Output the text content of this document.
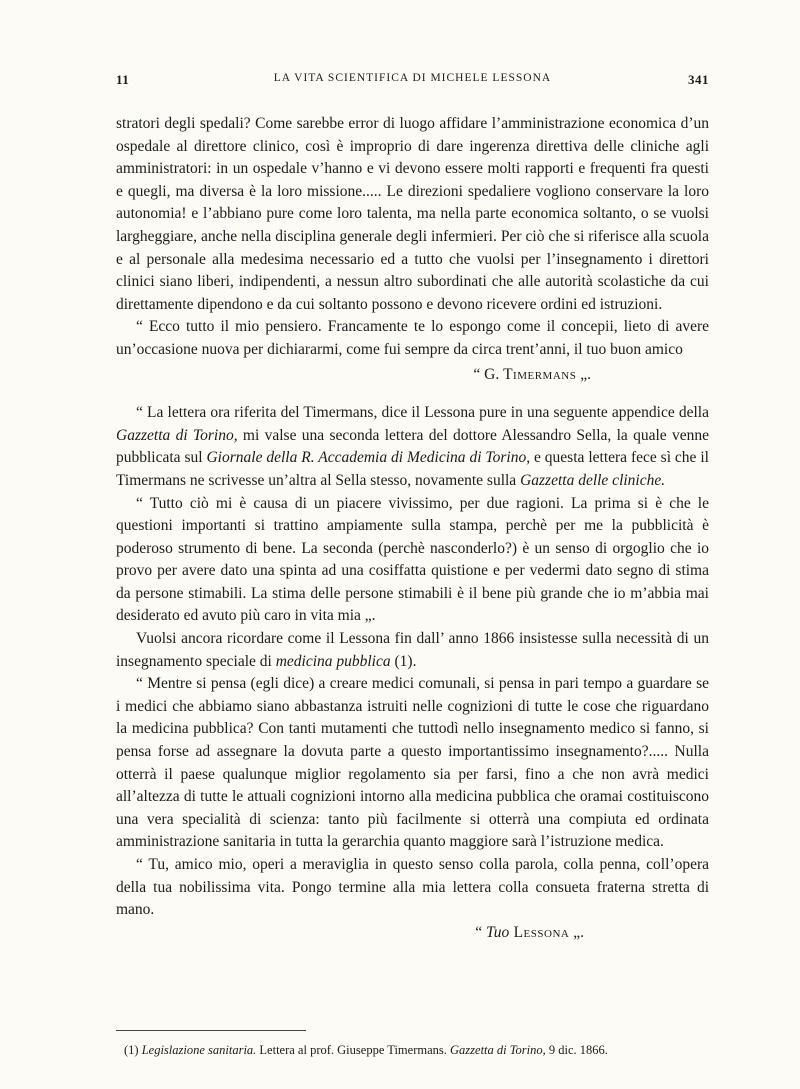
11	LA VITA SCIENTIFICA DI MICHELE LESSONA	341

stratori degli spedali? Come sarebbe error di luogo affidare l’amministrazione economica d’un ospedale al direttore clinico, così è improprio di dare ingerenza direttiva delle cliniche agli amministratori: in un ospedale v’hanno e vi devono essere molti rapporti e frequenti fra questi e quegli, ma diversa è la loro missione..... Le direzioni spedaliere vogliono conservare la loro autonomia! e l’abbiano pure come loro talenta, ma nella parte economica soltanto, o se vuolsi largheggiare, anche nella disciplina generale degli infermieri. Per ciò che si riferisce alla scuola e al personale alla medesima necessario ed a tutto che vuolsi per l’insegnamento i direttori clinici siano liberi, indipendenti, a nessun altro subordinati che alle autorità scolastiche da cui direttamente dipendono e da cui soltanto possono e devono ricevere ordini ed istruzioni.

“ Ecco tutto il mio pensiero. Francamente te lo espongo come il concepii, lieto di avere un’occasione nuova per dichiararmi, come fui sempre da circa trent’anni, il tuo buon amico

“ G. Timermans „.

“ La lettera ora riferita del Timermans, dice il Lessona pure in una seguente appendice della Gazzetta di Torino, mi valse una seconda lettera del dottore Alessandro Sella, la quale venne pubblicata sul Giornale della R. Accademia di Medicina di Torino, e questa lettera fece sì che il Timermans ne scrivesse un’altra al Sella stesso, novamente sulla Gazzetta delle cliniche.

“ Tutto ciò mi è causa di un piacere vivissimo, per due ragioni. La prima si è che le questioni importanti si trattino ampiamente sulla stampa, perchè per me la pubblicità è poderoso strumento di bene. La seconda (perchè nasconderlo?) è un senso di orgoglio che io provo per avere dato una spinta ad una cosiffatta quistione e per vedermi dato segno di stima da persone stimabili. La stima delle persone stimabili è il bene più grande che io m’abbia mai desiderato ed avuto più caro in vita mia „.

Vuolsi ancora ricordare come il Lessona fin dall’ anno 1866 insistesse sulla necessità di un insegnamento speciale di medicina pubblica (1).

“ Mentre si pensa (egli dice) a creare medici comunali, si pensa in pari tempo a guardare se i medici che abbiamo siano abbastanza istruiti nelle cognizioni di tutte le cose che riguardano la medicina pubblica? Con tanti mutamenti che tuttodì nello insegnamento medico si fanno, si pensa forse ad assegnare la dovuta parte a questo importantissimo insegnamento?..... Nulla otterrà il paese qualunque miglior regolamento sia per farsi, fino a che non avrà medici all’altezza di tutte le attuali cognizioni intorno alla medicina pubblica che oramai costituiscono una vera specialità di scienza: tanto più facilmente si otterrà una compiuta ed ordinata amministrazione sanitaria in tutta la gerarchia quanto maggiore sarà l’istruzione medica.

“ Tu, amico mio, operi a meraviglia in questo senso colla parola, colla penna, coll’opera della tua nobilissima vita. Pongo termine alla mia lettera colla consueta fraterna stretta di mano.

“ Tuo Lessona „.

(1) Legislazione sanitaria. Lettera al prof. Giuseppe Timermans. Gazzetta di Torino, 9 dic. 1866.
